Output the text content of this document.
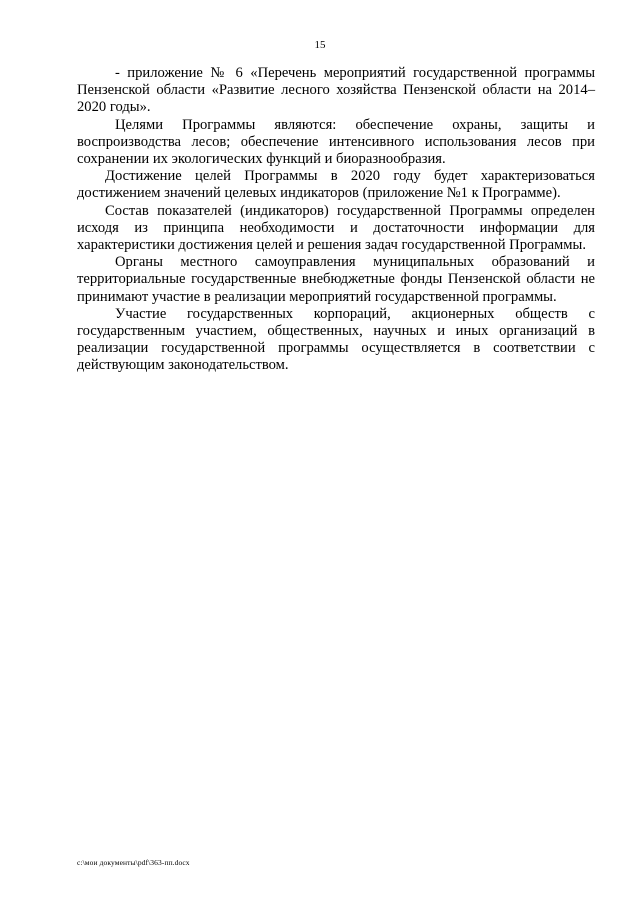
15

- приложение № 6 «Перечень мероприятий государственной программы Пензенской области «Развитие лесного хозяйства Пензенской области на 2014–2020 годы».

Целями Программы являются: обеспечение охраны, защиты и воспроизводства лесов; обеспечение интенсивного использования лесов при сохранении их экологических функций и биоразнообразия.

Достижение целей Программы в 2020 году будет характеризоваться достижением значений целевых индикаторов (приложение №1 к Программе).

Состав показателей (индикаторов) государственной Программы определен исходя из принципа необходимости и достаточности информации для характеристики достижения целей и решения задач государственной Программы.

Органы местного самоуправления муниципальных образований и территориальные государственные внебюджетные фонды Пензенской области не принимают участие в реализации мероприятий государственной программы.

Участие государственных корпораций, акционерных обществ с государственным участием, общественных, научных и иных организаций в реализации государственной программы осуществляется в соответствии с действующим законодательством.

c:\мои документы\pdf\363-пп.docx
